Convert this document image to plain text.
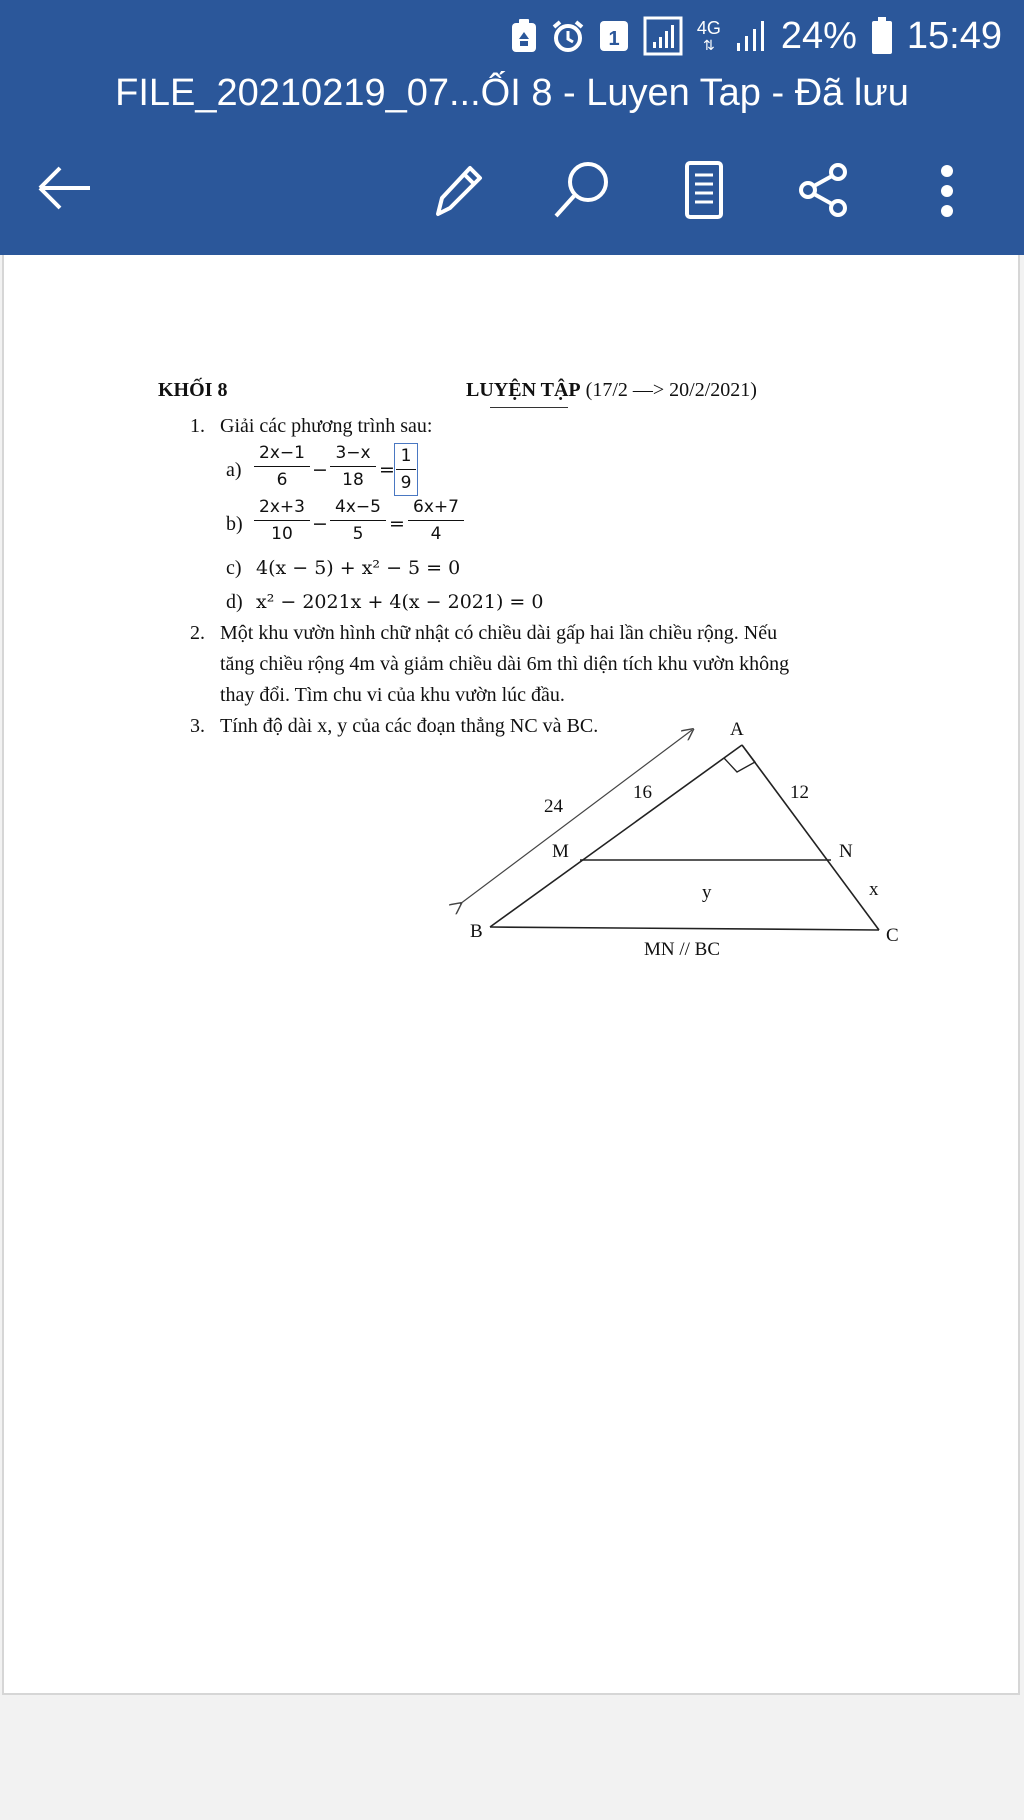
1
4G
⇅ 24% 15:49
FILE_20210219_07...ỐI 8 - Luyen Tap - Đã lưu
KHỐI 8	LUYỆN TẬP (17/2 —> 20/2/2021)
1. Giải các phương trình sau:
$a) \frac{2x-1}{6} - \frac{3-x}{18} = \frac{1}{9}$
$b) \frac{2x+3}{10} - \frac{4x-5}{5} = \frac{6x+7}{4}$
c) 4(x − 5) + x² − 5 = 0
d) x² − 2021x + 4(x − 2021) = 0
2. Một khu vườn hình chữ nhật có chiều dài gấp hai lần chiều rộng. Nếu
tăng chiều rộng 4m và giảm chiều dài 6m thì diện tích khu vườn không
thay đổi. Tìm chu vi của khu vườn lúc đầu.
3. Tính độ dài x, y của các đoạn thẳng NC và BC.	A
B	C
M	N
24
16	12
x
y
MN // BC
